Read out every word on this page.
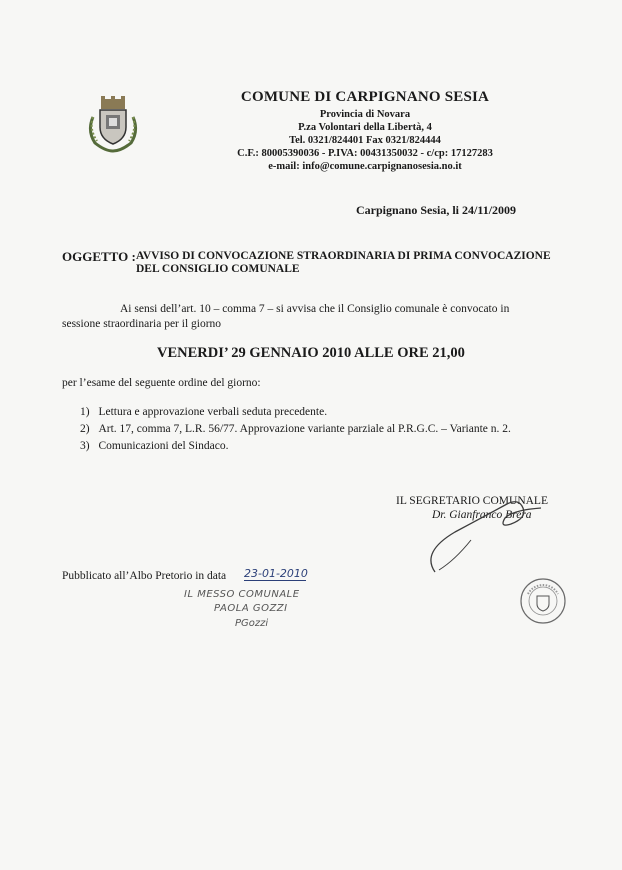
COMUNE DI CARPIGNANO SESIA
Provincia di Novara
P.za Volontari della Libertà, 4
Tel. 0321/824401 Fax 0321/824444
C.F.: 80005390036 - P.IVA: 00431350032 - c/cp: 17127283
e-mail: info@comune.carpignanosesia.no.it
Carpignano Sesia, li 24/11/2009
OGGETTO : AVVISO DI CONVOCAZIONE STRAORDINARIA DI PRIMA CONVOCAZIONE
DEL CONSIGLIO COMUNALE
Ai sensi dell’art. 10 – comma 7 – si avvisa che il Consiglio comunale è convocato in
sessione straordinaria per il giorno
VENERDI’ 29 GENNAIO 2010 ALLE ORE 21,00
per l’esame del seguente ordine del giorno:
1) Lettura e approvazione verbali seduta precedente.
2) Art. 17, comma 7, L.R. 56/77. Approvazione variante parziale al P.R.G.C. – Variante n. 2.
3) Comunicazioni del Sindaco.
IL SEGRETARIO COMUNALE
Dr. Gianfranco Brera
Pubblicato all’Albo Pretorio in data 23-01-2010
IL MESSO COMUNALE
PAOLA GOZZI
PGozzi
